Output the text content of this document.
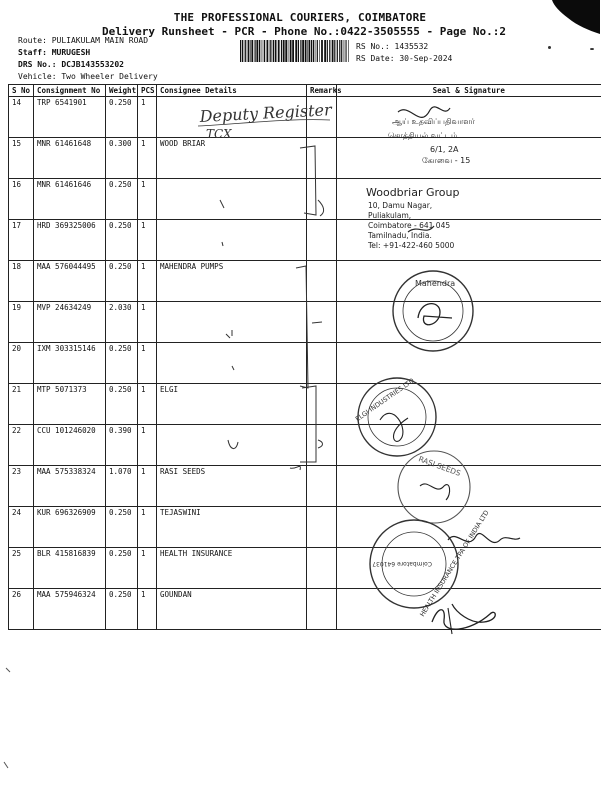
THE PROFESSIONAL COURIERS, COIMBATORE
Delivery Runsheet - PCR - Phone No.:0422-3505555 - Page No.:2
Route: PULIAKULAM MAIN ROAD
Staff: MURUGESH
DRS No.: DCJB143553202
Vehicle: Two Wheeler Delivery
RS No.: 1435532
RS Date: 30-Sep-2024
S No	Consignment No	Weight	PCS	Consignee Details	Remarks	Seal & Signature
14	TRP 6541901	0.250	1			
15	MNR 61461648	0.300	1	WOOD BRIAR		
16	MNR 61461646	0.250	1			
17	HRD 369325006	0.250	1			
18	MAA 576044495	0.250	1	MAHENDRA PUMPS		
19	MVP 24634249	2.030	1			
20	IXM 303315146	0.250	1			
21	MTP 5071373	0.250	1	ELGI		
22	CCU 101246020	0.390	1			
23	MAA 575338324	1.070	1	RASI SEEDS		
24	KUR 696326909	0.250	1	TEJASWINI		
25	BLR 415816839	0.250	1	HEALTH INSURANCE		
26	MAA 575946324	0.250	1	GOUNDAN		
Deputy Register
TCX
ஆய் உதவிப்பதிவாளர்
சொத்தியல் வட்டம்
6/1, 2A
கோவை - 15
Woodbriar Group
10, Damu Nagar,
Puliakulam,
Coimbatore - 641 045
Tamilnadu, India.
Tel: +91-422-460 5000
Mahendra
ELGI INDUSTRIES LTD
RASI SEEDS
HEALTH INSURANCE TPA OF INDIA LTD
Coimbatore 641037
